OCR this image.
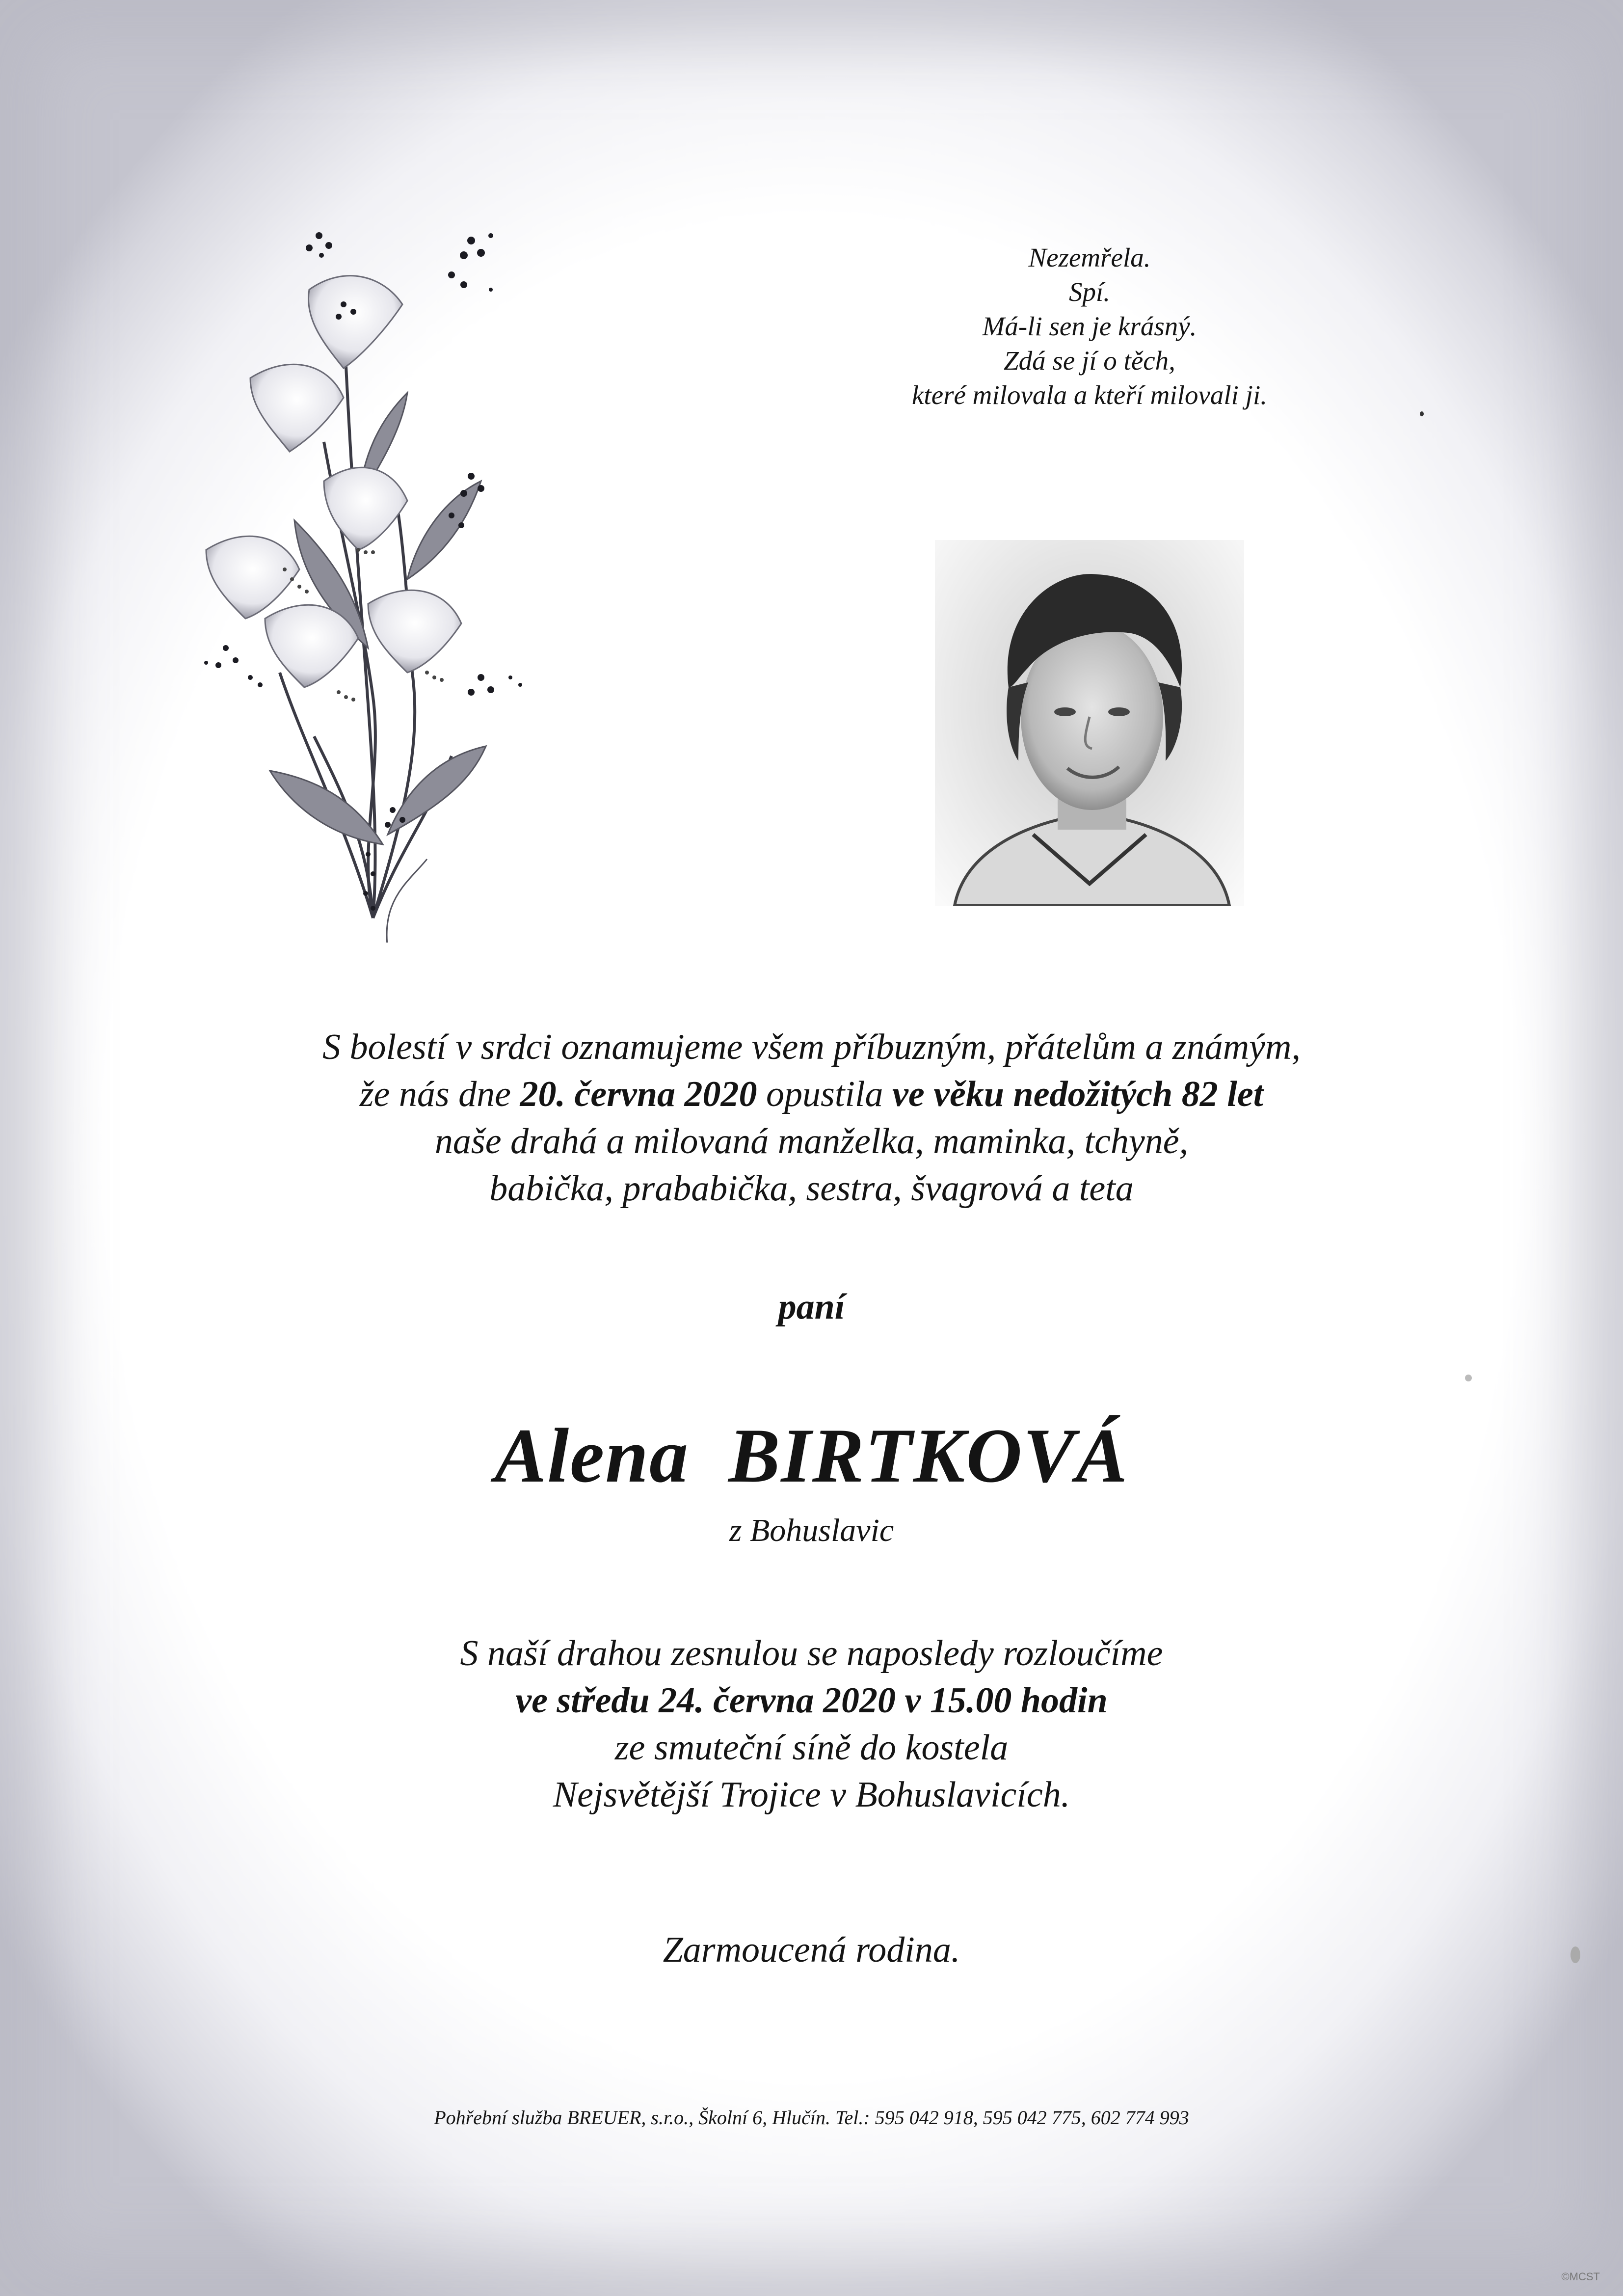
Nezemřela.
Spí.
Má-li sen je krásný.
Zdá se jí o těch,
které milovala a kteří milovali ji.
S bolestí v srdci oznamujeme všem příbuzným, přátelům a známým,
že nás dne 20. června 2020 opustila ve věku nedožitých 82 let
naše drahá a milovaná manželka, maminka, tchyně,
babička, prababička, sestra, švagrová a teta
paní
Alena BIRTKOVÁ
z Bohuslavic
S naší drahou zesnulou se naposledy rozloučíme
ve středu 24. června 2020 v 15.00 hodin
ze smuteční síně do kostela
Nejsvětější Trojice v Bohuslavicích.
Zarmoucená rodina.
Pohřební služba BREUER, s.r.o., Školní 6, Hlučín. Tel.: 595 042 918, 595 042 775, 602 774 993
©MCST
